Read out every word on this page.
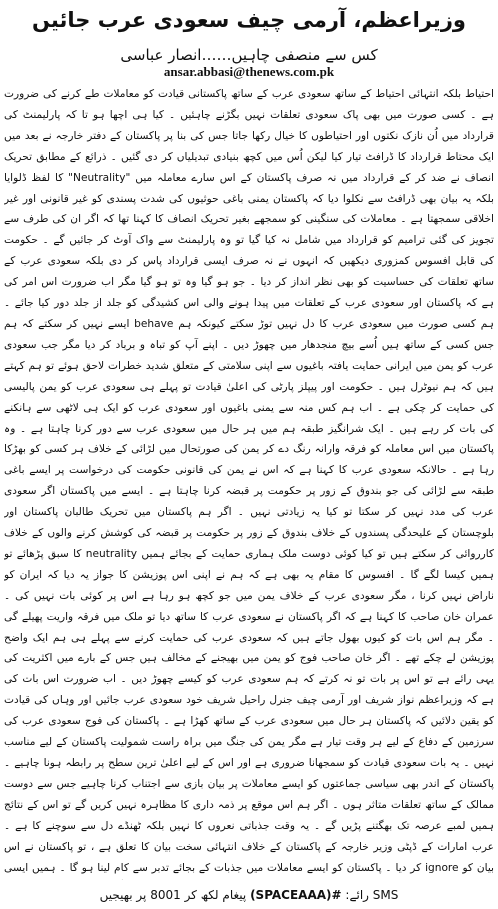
وزیراعظم، آرمی چیف سعودی عرب جائیں
کس سے منصفی چاہیں……انصار عباسی
ansar.abbasi@thenews.com.pk

احتیاط بلکہ انتہائی احتیاط کے ساتھ سعودی عرب کے ساتھ پاکستانی قیادت کو معاملات طے کرنے کی ضرورت ہے ۔ کسی صورت میں بھی پاک سعودی تعلقات نہیں بگڑنے چاہئیں ۔ کیا ہی اچھا ہو تا کہ پارلیمنٹ کی قرارداد میں اُن نازک نکتوں اور احتیاطوں کا خیال رکھا جاتا جس کی بنا پر پاکستان کے دفتر خارجہ نے بعد میں ایک محتاط قرارداد کا ڈرافٹ تیار کیا لیکن اُس میں کچھ بنیادی تبدیلیاں کر دی گئیں ۔ ذرائع کے مطابق تحریک انصاف نے ضد کر کے قرارداد میں نہ صرف پاکستان کے اس سارے معاملہ میں "Neutrality" کا لفظ ڈلوایا بلکہ یہ بیان بھی ڈرافٹ سے نکلوا دیا کہ پاکستان یمنی باغی حوثیوں کی شدت پسندی کو غیر قانونی اور غیر اخلاقی سمجھتا ہے ۔ معاملات کی سنگینی کو سمجھے بغیر تحریک انصاف کا کہنا تھا کہ اگر ان کی طرف سے تجویز کی گئی ترامیم کو قرارداد میں شامل نہ کیا گیا تو وہ پارلیمنٹ سے واک آوٹ کر جائیں گے ۔ حکومت کی قابل افسوس کمزوری دیکھیں کہ انہوں نے نہ صرف ایسی قرارداد پاس کر دی بلکہ سعودی عرب کے ساتھ تعلقات کی حساسیت کو بھی نظر انداز کر دیا ۔ جو ہو گیا وہ تو ہو گیا مگر اب ضرورت اس امر کی ہے کہ پاکستان اور سعودی عرب کے تعلقات میں پیدا ہونے والی اس کشیدگی کو جلد از جلد دور کیا جائے ۔ ہم کسی صورت میں سعودی عرب کا دل نہیں توڑ سکتے کیونکہ ہم behave ایسے نہیں کر سکتے کہ ہم جس کسی کے ساتھ ہیں اُسے بیچ منجدھار میں چھوڑ دیں ۔ اپنے آپ کو تباہ و برباد کر دیا مگر جب سعودی عرب کو یمن میں ایرانی حمایت یافتہ باغیوں سے اپنی سلامتی کے متعلق شدید خطرات لاحق ہوئے تو ہم کہتے ہیں کہ ہم نیوٹرل ہیں ۔ حکومت اور پیپلز پارٹی کی اعلیٰ قیادت تو پہلے ہی سعودی عرب کو یمن پالیسی کی حمایت کر چکی ہے ۔ اب ہم کس منہ سے یمنی باغیوں اور سعودی عرب کو ایک ہی لاٹھی سے ہانکنے کی بات کر رہے ہیں ۔ ایک شرانگیز طبقہ ہم میں ہر حال میں سعودی عرب سے دور کرنا چاہتا ہے ۔ وہ پاکستان میں اس معاملہ کو فرقہ وارانہ رنگ دے کر یمن کی صورتحال میں لڑائی کے خلاف ہر کسی کو بھڑکا رہا ہے ۔ حالانکہ سعودی عرب کا کہنا ہے کہ اس نے یمن کی قانونی حکومت کی درخواست پر ایسے باغی طبقہ سے لڑائی کی جو بندوق کے زور پر حکومت پر قبضہ کرنا چاہتا ہے ۔ ایسے میں پاکستان اگر سعودی عرب کی مدد نہیں کر سکتا تو کیا یہ زیادتی نہیں ۔ اگر ہم پاکستان میں تحریک طالبان پاکستان اور بلوچستان کے علیحدگی پسندوں کے خلاف بندوق کے زور پر حکومت پر قبضہ کی کوشش کرنے والوں کے خلاف کارروائی کر سکتے ہیں تو کیا کوئی دوست ملک ہماری حمایت کے بجائے ہمیں neutrality کا سبق پڑھائے تو ہمیں کیسا لگے گا ۔ افسوس کا مقام یہ بھی ہے کہ ہم نے اپنی اس پوزیشن کا جواز یہ دیا کہ ایران کو ناراض نہیں کرنا ، مگر سعودی عرب کے خلاف یمن میں جو کچھ ہو رہا ہے اس پر کوئی بات نہیں کی ۔ عمران خان صاحب کا کہنا ہے کہ اگر پاکستان نے سعودی عرب کا ساتھ دیا تو ملک میں فرقہ واریت پھیلے گی ۔ مگر ہم اس بات کو کیوں بھول جاتے ہیں کہ سعودی عرب کی حمایت کرنے سے پہلے ہی ہم ایک واضح پوزیشن لے چکے تھے ۔ اگر خان صاحب فوج کو یمن میں بھیجنے کے مخالف ہیں جس کے بارے میں اکثریت کی یہی رائے ہے تو اس پر بات تو نہ کرتے کہ ہم سعودی عرب کو کیسے چھوڑ دیں ۔ اب ضرورت اس بات کی ہے کہ وزیراعظم نواز شریف اور آرمی چیف جنرل راحیل شریف خود سعودی عرب جائیں اور وہاں کی قیادت کو یقین دلائیں کہ پاکستان ہر حال میں سعودی عرب کے ساتھ کھڑا ہے ۔ پاکستان کی فوج سعودی عرب کی سرزمین کے دفاع کے لیے ہر وقت تیار ہے مگر یمن کی جنگ میں براہ راست شمولیت پاکستان کے لیے مناسب نہیں ۔ یہ بات سعودی قیادت کو سمجھانا ضروری ہے اور اس کے لیے اعلیٰ ترین سطح پر رابطہ ہونا چاہیے ۔ پاکستان کے اندر بھی سیاسی جماعتوں کو ایسے معاملات پر بیان بازی سے اجتناب کرنا چاہیے جس سے دوست ممالک کے ساتھ تعلقات متاثر ہوں ۔ اگر ہم اس موقع پر ذمہ داری کا مظاہرہ نہیں کریں گے تو اس کے نتائج ہمیں لمبے عرصہ تک بھگتنے پڑیں گے ۔ یہ وقت جذباتی نعروں کا نہیں بلکہ ٹھنڈے دل سے سوچنے کا ہے ۔ عرب امارات کے ڈپٹی وزیر خارجہ کے پاکستان کے خلاف انتہائی سخت بیان کا تعلق ہے ، تو پاکستان نے اس بیان کو ignore کر دیا ۔ پاکستان کو ایسے معاملات میں جذبات کے بجائے تدبر سے کام لینا ہو گا ۔ ہمیں ایسی

SMS رائے: #(SPACEAAA) پیغام لکھ کر 8001 پر بھیجیں
